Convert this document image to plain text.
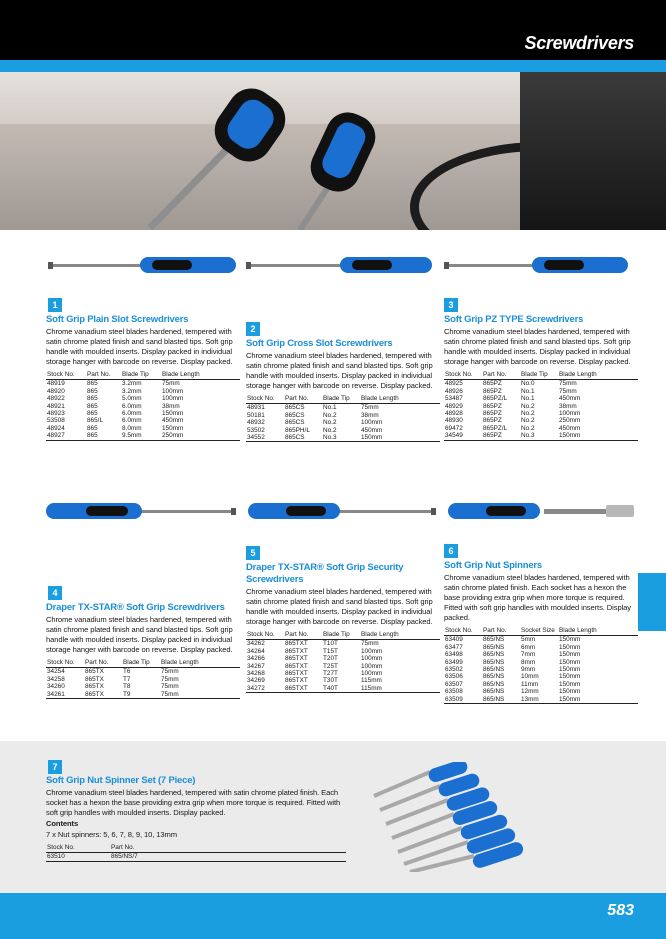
Screwdrivers
1
Soft Grip Plain Slot Screwdrivers

Chrome vanadium steel blades hardened, tempered with satin chrome plated finish and sand blasted tips. Soft grip handle with moulded inserts. Display packed in individual storage hanger with barcode on reverse. Display packed.

Stock No.	Part No.	Blade Tip	Blade Length
48919	865	3.2mm	75mm
48920	865	3.2mm	100mm
48922	865	5.0mm	100mm
48921	865	6.0mm	38mm
48923	865	6.0mm	150mm
53508	865/L	6.0mm	450mm
48924	865	8.0mm	150mm
48927	865	9.5mm	250mm
2
Soft Grip Cross Slot Screwdrivers

Chrome vanadium steel blades hardened, tempered with satin chrome plated finish and sand blasted tips. Soft grip handle with moulded inserts. Display packed in individual storage hanger with barcode on reverse. Display packed.

Stock No.	Part No.	Blade Tip	Blade Length
48931	865CS	No.1	75mm
50181	865CS	No.2	38mm
48932	865CS	No.2	100mm
53502	865PH/L	No.2	450mm
34552	865CS	No.3	150mm
3
Soft Grip PZ TYPE Screwdrivers

Chrome vanadium steel blades hardened, tempered with satin chrome plated finish and sand blasted tips. Soft grip handle with moulded inserts. Display packed in individual storage hanger with barcode on reverse. Display packed.

Stock No.	Part No.	Blade Tip	Blade Length
48925	865PZ	No.0	75mm
48926	865PZ	No.1	75mm
53487	865PZ/L	No.1	450mm
48929	865PZ	No.2	38mm
48928	865PZ	No.2	100mm
48930	865PZ	No.2	250mm
69472	865PZ/L	No.2	450mm
34549	865PZ	No.3	150mm
4
Draper TX-STAR® Soft Grip Screwdrivers

Chrome vanadium steel blades hardened, tempered with satin chrome plated finish and sand blasted tips. Soft grip handle with moulded inserts. Display packed in individual storage hanger with barcode on reverse. Display packed.

Stock No.	Part No.	Blade Tip	Blade Length
34254	865TX	T6	75mm
34258	865TX	T7	75mm
34260	865TX	T8	75mm
34261	865TX	T9	75mm
5
Draper TX-STAR® Soft Grip Security Screwdrivers

Chrome vanadium steel blades hardened, tempered with satin chrome plated finish and sand blasted tips. Soft grip handle with moulded inserts. Display packed in individual storage hanger with barcode on reverse. Display packed.

Stock No.	Part No.	Blade Tip	Blade Length
34262	865TXT	T10T	75mm
34264	865TXT	T15T	100mm
34266	865TXT	T20T	100mm
34267	865TXT	T25T	100mm
34268	865TXT	T27T	100mm
34269	865TXT	T30T	115mm
34272	865TXT	T40T	115mm
6
Soft Grip Nut Spinners

Chrome vanadium steel blades hardened, tempered with satin chrome plated finish. Each socket has a hexon the base providing extra grip when more torque is required. Fitted with soft grip handles with moulded inserts. Display packed.

Stock No.	Part No.	Socket Size	Blade Length
63409	865/NS	5mm	150mm
63477	865/NS	6mm	150mm
63498	865/NS	7mm	150mm
63499	865/NS	8mm	150mm
63502	865/NS	9mm	150mm
63506	865/NS	10mm	150mm
63507	865/NS	11mm	150mm
63508	865/NS	12mm	150mm
63509	865/NS	13mm	150mm
7
Soft Grip Nut Spinner Set (7 Piece)

Chrome vanadium steel blades hardened, tempered with satin chrome plated finish. Each socket has a hexon the base providing extra grip when more torque is required. Fitted with soft grip handles with moulded inserts. Display packed.

Contents

7 x Nut spinners: 5, 6, 7, 8, 9, 10, 13mm

Stock No.	Part No.
63510	865/NS/7
583
